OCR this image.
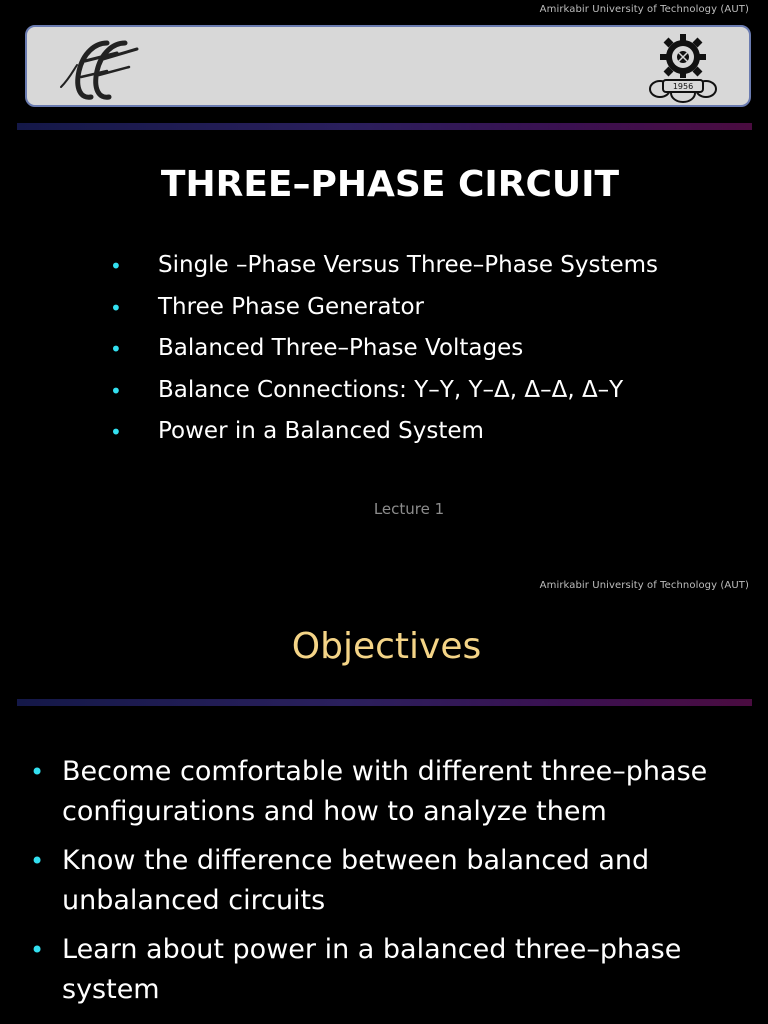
Amirkabir University of Technology (AUT)
1956
THREE–PHASE CIRCUIT
• Single –Phase Versus Three–Phase Systems
• Three Phase Generator
• Balanced Three–Phase Voltages
• Balance Connections: Y–Y, Y–Δ, Δ–Δ, Δ–Y
• Power in a Balanced System
Lecture 1
Amirkabir University of Technology (AUT)
Objectives
• Become comfortable with different three–phase configurations and how to analyze them
• Know the difference between balanced and unbalanced circuits
• Learn about power in a balanced three–phase system
